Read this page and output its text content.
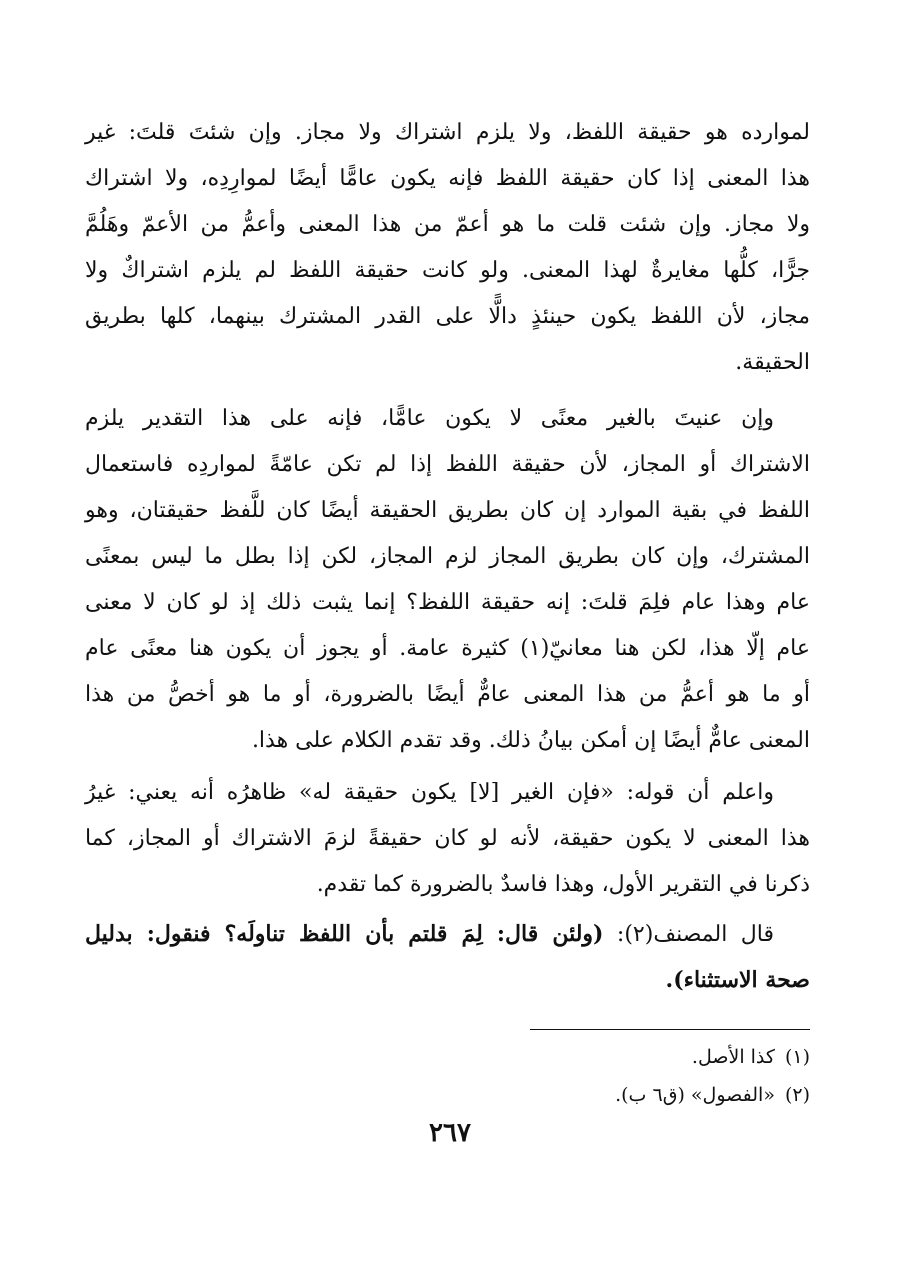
لموارده هو حقيقة اللفظ، ولا يلزم اشتراك ولا مجاز. وإن شئتَ قلتَ: غير
هذا المعنى إذا كان حقيقة اللفظ فإنه يكون عامًّا أيضًا لموارِدِه، ولا اشتراك
ولا مجاز. وإن شئت قلت ما هو أعمّ من هذا المعنى وأعمُّ من الأعمّ وهَلُمَّ
جرًّا، كلُّها مغايرةٌ لهذا المعنى. ولو كانت حقيقة اللفظ لم يلزم اشتراكٌ ولا
مجاز، لأن اللفظ يكون حينئذٍ دالًّا على القدر المشترك بينهما، كلها بطريق
الحقيقة.
وإن عنيتَ بالغير معنًى لا يكون عامًّا، فإنه على هذا التقدير يلزم
الاشتراك أو المجاز، لأن حقيقة اللفظ إذا لم تكن عامّةً لمواردِه فاستعمال
اللفظ في بقية الموارد إن كان بطريق الحقيقة أيضًا كان للَّفظ حقيقتان، وهو
المشترك، وإن كان بطريق المجاز لزم المجاز، لكن إذا بطل ما ليس بمعنًى
عام وهذا عام فلِمَ قلتَ: إنه حقيقة اللفظ؟ إنما يثبت ذلك إذ لو كان لا معنى
عام إلّا هذا، لكن هنا معانيّ(١) كثيرة عامة. أو يجوز أن يكون هنا معنًى عام
أو ما هو أعمُّ من هذا المعنى عامٌّ أيضًا بالضرورة، أو ما هو أخصُّ من هذا
المعنى عامٌّ أيضًا إن أمكن بيانُ ذلك. وقد تقدم الكلام على هذا.
واعلم أن قوله: «فإن الغير [لا] يكون حقيقة له» ظاهرُه أنه يعني: غيرُ
هذا المعنى لا يكون حقيقة، لأنه لو كان حقيقةً لزمَ الاشتراك أو المجاز، كما
ذكرنا في التقرير الأول، وهذا فاسدٌ بالضرورة كما تقدم.
قال المصنف(٢): (ولئن قال: لِمَ قلتم بأن اللفظ تناولَه؟ فنقول: بدليل
صحة الاستثناء).
(١)كذا الأصل.
(٢)«الفصول» (ق٦ ب).
٢٦٧
